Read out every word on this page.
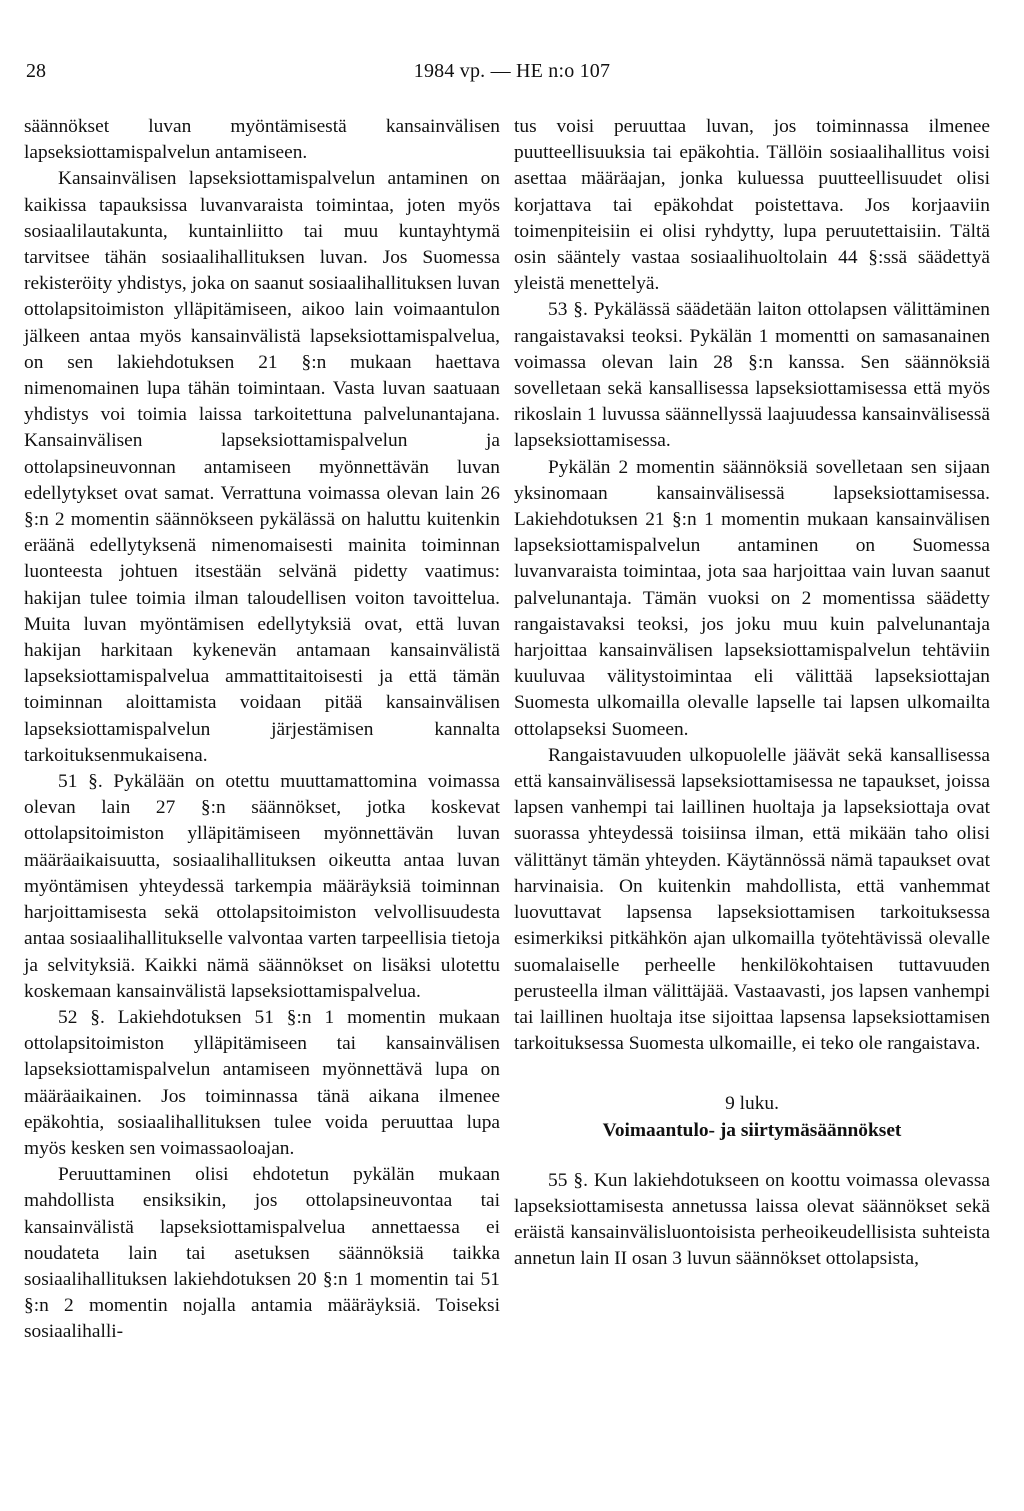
28	1984 vp. — HE n:o 107

säännökset luvan myöntämisestä kansainvälisen lapseksiottamispalvelun antamiseen.

Kansainvälisen lapseksiottamispalvelun antaminen on kaikissa tapauksissa luvanvaraista toimintaa, joten myös sosiaalilautakunta, kuntainliitto tai muu kuntayhtymä tarvitsee tähän sosiaalihallituksen luvan. Jos Suomessa rekisteröity yhdistys, joka on saanut sosiaalihallituksen luvan ottolapsitoimiston ylläpitämiseen, aikoo lain voimaantulon jälkeen antaa myös kansainvälistä lapseksiottamispalvelua, on sen lakiehdotuksen 21 §:n mukaan haettava nimenomainen lupa tähän toimintaan. Vasta luvan saatuaan yhdistys voi toimia laissa tarkoitettuna palvelunantajana. Kansainvälisen lapseksiottamispalvelun ja ottolapsineuvonnan antamiseen myönnettävän luvan edellytykset ovat samat. Verrattuna voimassa olevan lain 26 §:n 2 momentin säännökseen pykälässä on haluttu kuitenkin eräänä edellytyksenä nimenomaisesti mainita toiminnan luonteesta johtuen itsestään selvänä pidetty vaatimus: hakijan tulee toimia ilman taloudellisen voiton tavoittelua. Muita luvan myöntämisen edellytyksiä ovat, että luvan hakijan harkitaan kykenevän antamaan kansainvälistä lapseksiottamispalvelua ammattitaitoisesti ja että tämän toiminnan aloittamista voidaan pitää kansainvälisen lapseksiottamispalvelun järjestämisen kannalta tarkoituksenmukaisena.

51 §. Pykälään on otettu muuttamattomina voimassa olevan lain 27 §:n säännökset, jotka koskevat ottolapsitoimiston ylläpitämiseen myönnettävän luvan määräaikaisuutta, sosiaalihallituksen oikeutta antaa luvan myöntämisen yhteydessä tarkempia määräyksiä toiminnan harjoittamisesta sekä ottolapsitoimiston velvollisuudesta antaa sosiaalihallitukselle valvontaa varten tarpeellisia tietoja ja selvityksiä. Kaikki nämä säännökset on lisäksi ulotettu koskemaan kansainvälistä lapseksiottamispalvelua.

52 §. Lakiehdotuksen 51 §:n 1 momentin mukaan ottolapsitoimiston ylläpitämiseen tai kansainvälisen lapseksiottamispalvelun antamiseen myönnettävä lupa on määräaikainen. Jos toiminnassa tänä aikana ilmenee epäkohtia, sosiaalihallituksen tulee voida peruuttaa lupa myös kesken sen voimassaoloajan.

Peruuttaminen olisi ehdotetun pykälän mukaan mahdollista ensiksikin, jos ottolapsineuvontaa tai kansainvälistä lapseksiottamispalvelua annettaessa ei noudateta lain tai asetuksen säännöksiä taikka sosiaalihallituksen lakiehdotuksen 20 §:n 1 momentin tai 51 §:n 2 momentin nojalla antamia määräyksiä. Toiseksi sosiaalihalli-

tus voisi peruuttaa luvan, jos toiminnassa ilmenee puutteellisuuksia tai epäkohtia. Tällöin sosiaalihallitus voisi asettaa määräajan, jonka kuluessa puutteellisuudet olisi korjattava tai epäkohdat poistettava. Jos korjaaviin toimenpiteisiin ei olisi ryhdytty, lupa peruutettaisiin. Tältä osin sääntely vastaa sosiaalihuoltolain 44 §:ssä säädettyä yleistä menettelyä.

53 §. Pykälässä säädetään laiton ottolapsen välittäminen rangaistavaksi teoksi. Pykälän 1 momentti on samasanainen voimassa olevan lain 28 §:n kanssa. Sen säännöksiä sovelletaan sekä kansallisessa lapseksiottamisessa että myös rikoslain 1 luvussa säännellyssä laajuudessa kansainvälisessä lapseksiottamisessa.

Pykälän 2 momentin säännöksiä sovelletaan sen sijaan yksinomaan kansainvälisessä lapseksiottamisessa. Lakiehdotuksen 21 §:n 1 momentin mukaan kansainvälisen lapseksiottamispalvelun antaminen on Suomessa luvanvaraista toimintaa, jota saa harjoittaa vain luvan saanut palvelunantaja. Tämän vuoksi on 2 momentissa säädetty rangaistavaksi teoksi, jos joku muu kuin palvelunantaja harjoittaa kansainvälisen lapseksiottamispalvelun tehtäviin kuuluvaa välitystoimintaa eli välittää lapseksiottajan Suomesta ulkomailla olevalle lapselle tai lapsen ulkomailta ottolapseksi Suomeen.

Rangaistavuuden ulkopuolelle jäävät sekä kansallisessa että kansainvälisessä lapseksiottamisessa ne tapaukset, joissa lapsen vanhempi tai laillinen huoltaja ja lapseksiottaja ovat suorassa yhteydessä toisiinsa ilman, että mikään taho olisi välittänyt tämän yhteyden. Käytännössä nämä tapaukset ovat harvinaisia. On kuitenkin mahdollista, että vanhemmat luovuttavat lapsensa lapseksiottamisen tarkoituksessa esimerkiksi pitkähkön ajan ulkomailla työtehtävissä olevalle suomalaiselle perheelle henkilökohtaisen tuttavuuden perusteella ilman välittäjää. Vastaavasti, jos lapsen vanhempi tai laillinen huoltaja itse sijoittaa lapsensa lapseksiottamisen tarkoituksessa Suomesta ulkomaille, ei teko ole rangaistava.

9 luku.

Voimaantulo- ja siirtymäsäännökset

55 §. Kun lakiehdotukseen on koottu voimassa olevassa lapseksiottamisesta annetussa laissa olevat säännökset sekä eräistä kansainvälisluontoisista perheoikeudellisista suhteista annetun lain II osan 3 luvun säännökset ottolapsista,
